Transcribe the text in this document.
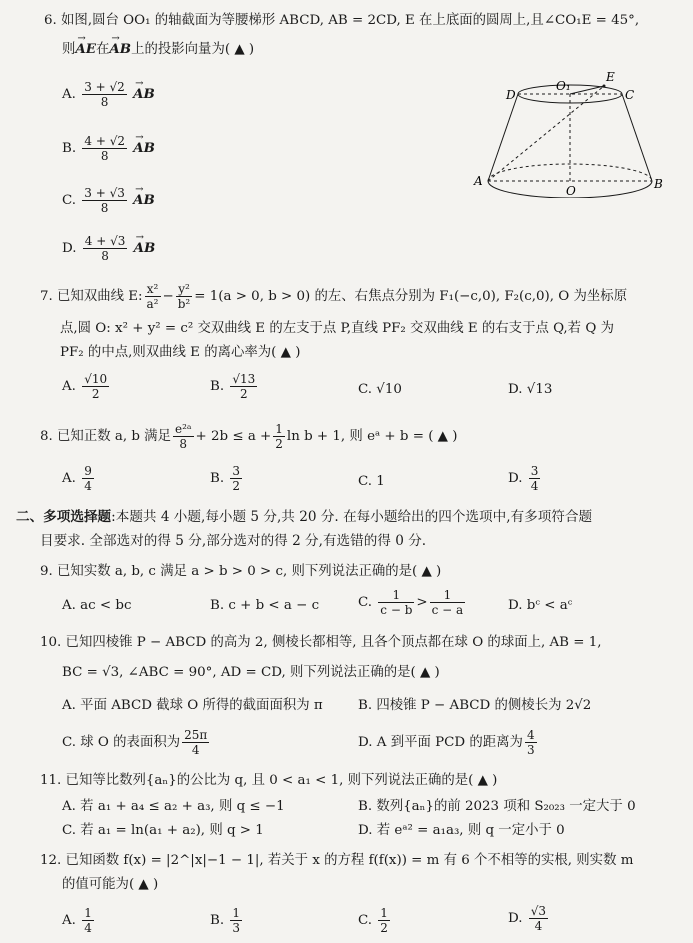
6. 如图,圆台 OO₁ 的轴截面为等腰梯形 ABCD, AB = 2CD, E 在上底面的圆周上,且∠CO₁E = 45°,
则→ AE在→ AB上的投影向量为( ▲ )
A. $\frac{3 + √2}{8}$ → AB
B. $\frac{4 + √2}{8}$ → AB
C. $\frac{3 + √3}{8}$ → AB
D. $\frac{4 + √3}{8}$ → AB
D
O₁
C
E
A
O	B
7. 已知双曲线 E: $\frac{\text{x²}}{\text{a²}} - \frac{\text{y²}}{\text{b²}} = 1(a > 0$, b > 0) 的左、右焦点分别为 F₁(−c,0), F₂(c,0), O 为坐标原
点,圆 O: x² + y² = c² 交双曲线 E 的左支于点 P,直线 PF₂ 交双曲线 E 的右支于点 Q,若 Q 为
PF₂ 的中点,则双曲线 E 的离心率为( ▲ )
A. $\frac{√10}{2}$	B. $\frac{√13}{2}$	C. √10	D. √13
8. 已知正数 a, b 满足 $\frac{\text{e²ᵃ}}{8} + 2b \le a + \frac{1}{2}$ ln b + 1, 则 eᵃ + b = ( ▲ )
A. $\frac{9}{4}$	B. $\frac{3}{2}$	C. 1	D. $\frac{3}{4}$
二、多项选择题:本题共 4 小题,每小题 5 分,共 20 分. 在每小题给出的四个选项中,有多项符合题
目要求. 全部选对的得 5 分,部分选对的得 2 分,有选错的得 0 分.
9. 已知实数 a, b, c 满足 a > b > 0 > c, 则下列说法正确的是( ▲ )
A. ac < bc	B. c + b < a − c	C. $\frac{1}{c - b} > \frac{1}{c - a}$	D. bᶜ < aᶜ
10. 已知四棱锥 P − ABCD 的高为 2, 侧棱长都相等, 且各个顶点都在球 O 的球面上, AB = 1,
BC = √3, ∠ABC = 90°, AD = CD, 则下列说法正确的是( ▲ )
A. 平面 ABCD 截球 O 所得的截面面积为 π	B. 四棱锥 P − ABCD 的侧棱长为 2√2
C. 球 O 的表面积为 $\frac{25\pi}{4}$	D. A 到平面 PCD 的距离为 $\frac{4}{3}$
11. 已知等比数列{aₙ}的公比为 q, 且 0 < a₁ < 1, 则下列说法正确的是( ▲ )
A. 若 a₁ + a₄ ≤ a₂ + a₃, 则 q ≤ −1	B. 数列{aₙ}的前 2023 项和 S₂₀₂₃ 一定大于 0
C. 若 a₁ = ln(a₁ + a₂), 则 q > 1	D. 若 eᵃ² = a₁a₃, 则 q 一定小于 0
12. 已知函数 f(x) = |2^|x|−1 − 1|, 若关于 x 的方程 f(f(x)) = m 有 6 个不相等的实根, 则实数 m
的值可能为( ▲ )
A. $\frac{1}{4}$	B. $\frac{1}{3}$	C. $\frac{1}{2}$	D. $\frac{√3}{4}$
